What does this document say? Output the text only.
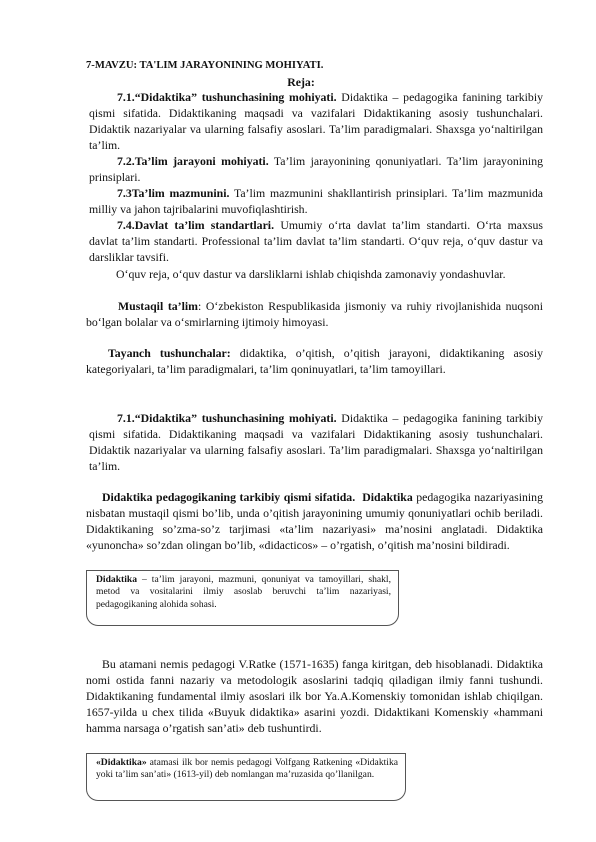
7-MAVZU: TA'LIM JARAYONINING MOHIYATI.
Reja:
7.1.“Didaktika” tushunchasining mohiyati. Didaktika – pedagogika fanining tarkibiy qismi sifatida. Didaktikaning maqsadi va vazifalari Didaktikaning asosiy tushunchalari. Didaktik nazariyalar va ularning falsafiy asoslari. Ta’lim paradigmalari. Shaxsga yo‘naltirilgan ta’lim.
7.2.Ta’lim jarayoni mohiyati. Ta’lim jarayonining qonuniyatlari. Ta’lim jarayonining prinsiplari.
7.3Ta’lim mazmunini. Ta’lim mazmunini shakllantirish prinsiplari. Ta’lim mazmunida milliy va jahon tajribalarini muvofiqlashtirish.
7.4.Davlat ta’lim standartlari. Umumiy o‘rta davlat ta’lim standarti. O‘rta maxsus davlat ta’lim standarti. Professional ta’lim davlat ta’lim standarti. O‘quv reja, o‘quv dastur va darsliklar tavsifi.
O‘quv reja, o‘quv dastur va darsliklarni ishlab chiqishda zamonaviy yondashuvlar.
Mustaqil ta’lim: O‘zbekiston Respublikasida jismoniy va ruhiy rivojlanishida nuqsoni bo‘lgan bolalar va o‘smirlarning ijtimoiy himoyasi.
Tayanch tushunchalar: didaktika, o’qitish, o’qitish jarayoni, didaktikaning asosiy kategoriyalari, ta’lim paradigmalari, ta’lim qoninuyatlari, ta’lim tamoyillari.
7.1.“Didaktika” tushunchasining mohiyati. Didaktika – pedagogika fanining tarkibiy qismi sifatida. Didaktikaning maqsadi va vazifalari Didaktikaning asosiy tushunchalari. Didaktik nazariyalar va ularning falsafiy asoslari. Ta’lim paradigmalari. Shaxsga yo‘naltirilgan ta’lim.
Didaktika pedagogikaning tarkibiy qismi sifatida. Didaktika pedagogika nazariyasining nisbatan mustaqil qismi bo’lib, unda o’qitish jarayonining umumiy qonuniyatlari ochib beriladi. Didaktikaning so’zma-so’z tarjimasi «ta’lim nazariyasi» ma’nosini anglatadi. Didaktika «yunoncha» so’zdan olingan bo’lib, «didacticos» – o’rgatish, o’qitish ma’nosini bildiradi.
Didaktika – ta’lim jarayoni, mazmuni, qonuniyat va tamoyillari, shakl, metod va vositalarini ilmiy asoslab beruvchi ta’lim nazariyasi, pedagogikaning alohida sohasi.
Bu atamani nemis pedagogi V.Ratke (1571-1635) fanga kiritgan, deb hisoblanadi. Didaktika nomi ostida fanni nazariy va metodologik asoslarini tadqiq qiladigan ilmiy fanni tushundi. Didaktikaning fundamental ilmiy asoslari ilk bor Ya.A.Komenskiy tomonidan ishlab chiqilgan. 1657-yilda u chex tilida «Buyuk didaktika» asarini yozdi. Didaktikani Komenskiy «hammani hamma narsaga o’rgatish san’ati» deb tushuntirdi.
«Didaktika» atamasi ilk bor nemis pedagogi Volfgang Ratkening «Didaktika yoki ta’lim san’ati» (1613-yil) deb nomlangan ma’ruzasida qo’llanilgan.
